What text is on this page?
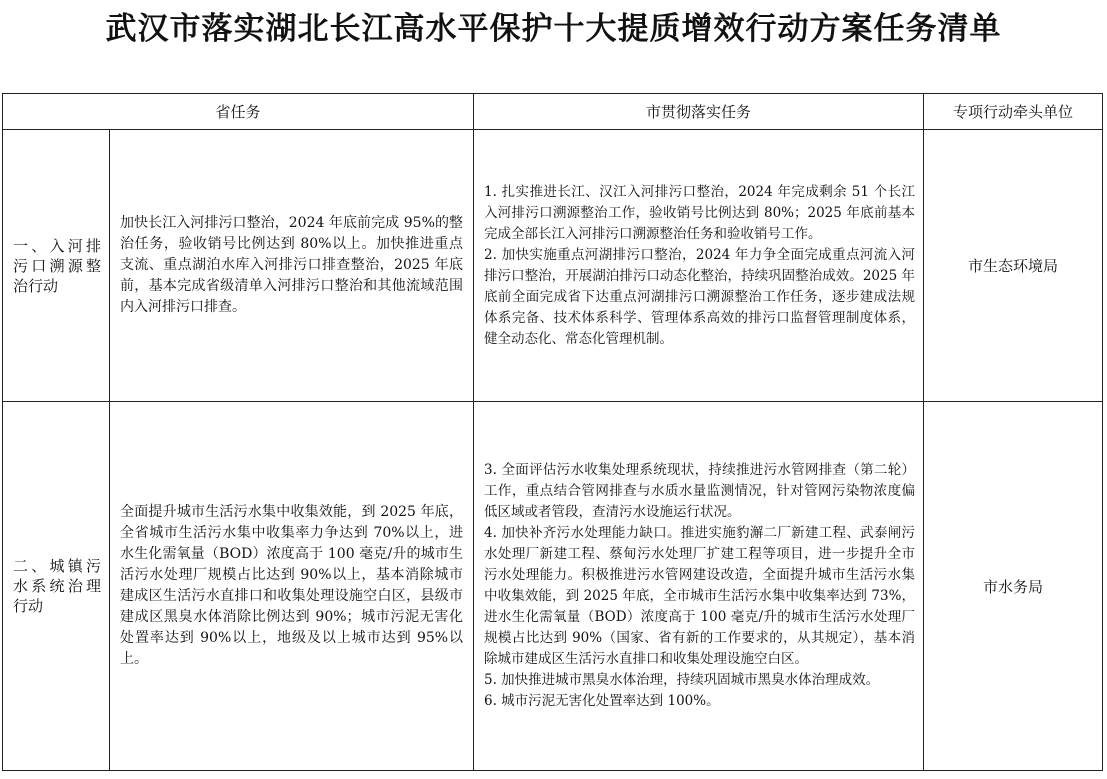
武汉市落实湖北长江高水平保护十大提质增效行动方案任务清单
省任务		市贯彻落实任务	专项行动牵头单位
一、入河排污口溯源整治行动	加快长江入河排污口整治，2024 年底前完成 95%的整治任务，验收销号比例达到 80%以上。加快推进重点支流、重点湖泊水库入河排污口排查整治，2025 年底前，基本完成省级清单入河排污口整治和其他流域范围内入河排污口排查。	1. 扎实推进长江、汉江入河排污口整治，2024 年完成剩余 51 个长江入河排污口溯源整治工作，验收销号比例达到 80%；2025 年底前基本完成全部长江入河排污口溯源整治任务和验收销号工作。

2. 加快实施重点河湖排污口整治，2024 年力争全面完成重点河流入河排污口整治，开展湖泊排污口动态化整治，持续巩固整治成效。2025 年底前全面完成省下达重点河湖排污口溯源整治工作任务，逐步建成法规体系完备、技术体系科学、管理体系高效的排污口监督管理制度体系，健全动态化、常态化管理机制。	市生态环境局
二、城镇污水系统治理行动	全面提升城市生活污水集中收集效能，到 2025 年底，全省城市生活污水集中收集率力争达到 70%以上，进水生化需氧量（BOD）浓度高于 100 毫克/升的城市生活污水处理厂规模占比达到 90%以上，基本消除城市建成区生活污水直排口和收集处理设施空白区，县级市建成区黑臭水体消除比例达到 90%；城市污泥无害化处置率达到 90%以上，地级及以上城市达到 95%以上。	3. 全面评估污水收集处理系统现状，持续推进污水管网排查（第二轮）工作，重点结合管网排查与水质水量监测情况，针对管网污染物浓度偏低区域或者管段，查清污水设施运行状况。

4. 加快补齐污水处理能力缺口。推进实施豹澥二厂新建工程、武泰闸污水处理厂新建工程、蔡甸污水处理厂扩建工程等项目，进一步提升全市污水处理能力。积极推进污水管网建设改造，全面提升城市生活污水集中收集效能，到 2025 年底，全市城市生活污水集中收集率达到 73%，进水生化需氧量（BOD）浓度高于 100 毫克/升的城市生活污水处理厂规模占比达到 90%（国家、省有新的工作要求的，从其规定），基本消除城市建成区生活污水直排口和收集处理设施空白区。

5. 加快推进城市黑臭水体治理，持续巩固城市黑臭水体治理成效。

6. 城市污泥无害化处置率达到 100%。	市水务局
